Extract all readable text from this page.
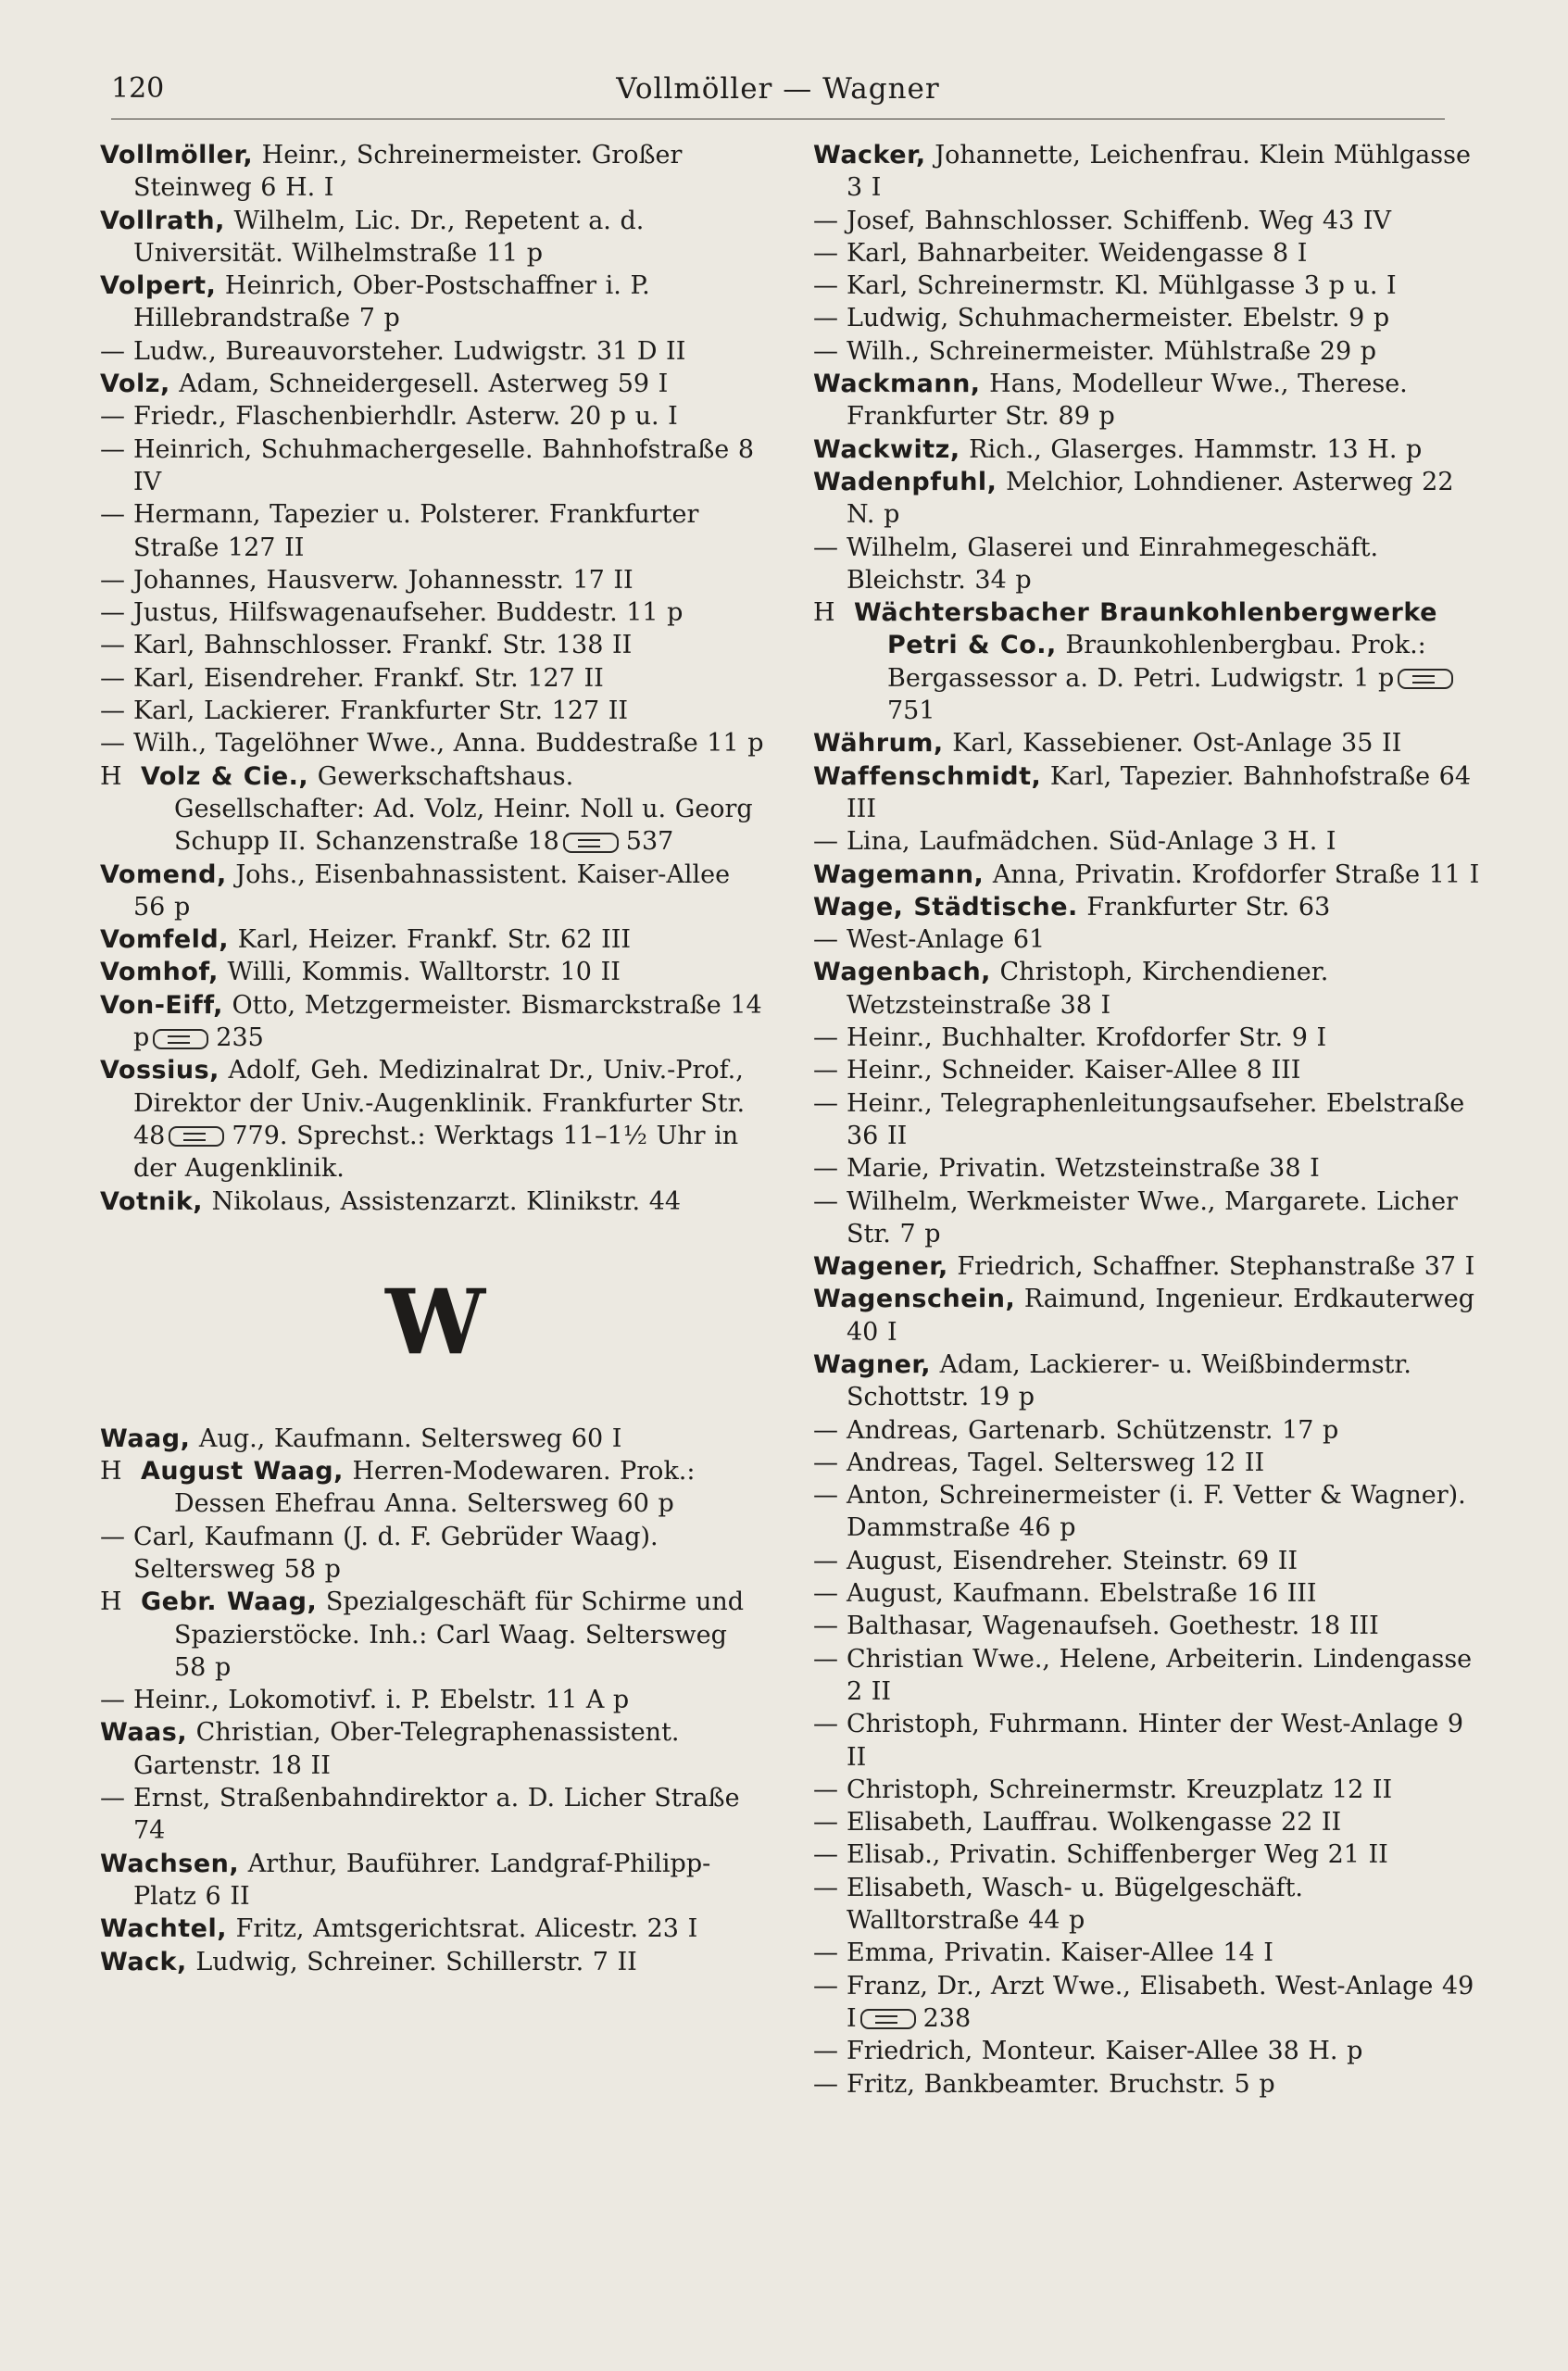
120	Vollmöller — Wagner

Vollmöller, Heinr., Schreinermeister. Großer Steinweg 6 H. I

Vollrath, Wilhelm, Lic. Dr., Repetent a. d. Universität. Wilhelmstraße 11 p

Volpert, Heinrich, Ober-Postschaffner i. P. Hillebrandstraße 7 p

— Ludw., Bureauvorsteher. Ludwigstr. 31 D II

Volz, Adam, Schneidergesell. Asterweg 59 I

— Friedr., Flaschenbierhdlr. Asterw. 20 p u. I

— Heinrich, Schuhmachergeselle. Bahnhofstraße 8 IV

— Hermann, Tapezier u. Polsterer. Frankfurter Straße 127 II

— Johannes, Hausverw. Johannesstr. 17 II

— Justus, Hilfswagenaufseher. Buddestr. 11 p

— Karl, Bahnschlosser. Frankf. Str. 138 II

— Karl, Eisendreher. Frankf. Str. 127 II

— Karl, Lackierer. Frankfurter Str. 127 II

— Wilh., Tagelöhner Wwe., Anna. Buddestraße 11 p

H Volz & Cie., Gewerkschaftshaus. Gesellschafter: Ad. Volz, Heinr. Noll u. Georg Schupp II. Schanzenstraße 18	537

Vomend, Johs., Eisenbahnassistent. Kaiser-Allee 56 p

Vomfeld, Karl, Heizer. Frankf. Str. 62 III

Vomhof, Willi, Kommis. Walltorstr. 10 II

Von-Eiff, Otto, Metzgermeister. Bismarckstraße 14 p	235

Vossius, Adolf, Geh. Medizinalrat Dr., Univ.-Prof., Direktor der Univ.-Augenklinik. Frankfurter Str. 48	779. Sprechst.: Werktags 11–1½ Uhr in der Augenklinik.

Votnik, Nikolaus, Assistenzarzt. Klinikstr. 44

W

Waag, Aug., Kaufmann. Seltersweg 60 I

H August Waag, Herren-Modewaren. Prok.: Dessen Ehefrau Anna. Seltersweg 60 p

— Carl, Kaufmann (J. d. F. Gebrüder Waag). Seltersweg 58 p

H Gebr. Waag, Spezialgeschäft für Schirme und Spazierstöcke. Inh.: Carl Waag. Seltersweg 58 p

— Heinr., Lokomotivf. i. P. Ebelstr. 11 A p

Waas, Christian, Ober-Telegraphenassistent. Gartenstr. 18 II

— Ernst, Straßenbahndirektor a. D. Licher Straße 74

Wachsen, Arthur, Bauführer. Landgraf-Philipp-Platz 6 II

Wachtel, Fritz, Amtsgerichtsrat. Alicestr. 23 I

Wack, Ludwig, Schreiner. Schillerstr. 7 II

Wacker, Johannette, Leichenfrau. Klein Mühlgasse 3 I

— Josef, Bahnschlosser. Schiffenb. Weg 43 IV

— Karl, Bahnarbeiter. Weidengasse 8 I

— Karl, Schreinermstr. Kl. Mühlgasse 3 p u. I

— Ludwig, Schuhmachermeister. Ebelstr. 9 p

— Wilh., Schreinermeister. Mühlstraße 29 p

Wackmann, Hans, Modelleur Wwe., Therese. Frankfurter Str. 89 p

Wackwitz, Rich., Glaserges. Hammstr. 13 H. p

Wadenpfuhl, Melchior, Lohndiener. Asterweg 22 N. p

— Wilhelm, Glaserei und Einrahmegeschäft. Bleichstr. 34 p

H Wächtersbacher Braunkohlenbergwerke Petri & Co., Braunkohlenbergbau. Prok.: Bergassessor a. D. Petri. Ludwigstr. 1 p751

Währum, Karl, Kassebiener. Ost-Anlage 35 II

Waffenschmidt, Karl, Tapezier. Bahnhofstraße 64 III

— Lina, Laufmädchen. Süd-Anlage 3 H. I

Wagemann, Anna, Privatin. Krofdorfer Straße 11 I

Wage, Städtische. Frankfurter Str. 63

— West-Anlage 61

Wagenbach, Christoph, Kirchendiener. Wetzsteinstraße 38 I

— Heinr., Buchhalter. Krofdorfer Str. 9 I

— Heinr., Schneider. Kaiser-Allee 8 III

— Heinr., Telegraphenleitungsaufseher. Ebelstraße 36 II

— Marie, Privatin. Wetzsteinstraße 38 I

— Wilhelm, Werkmeister Wwe., Margarete. Licher Str. 7 p

Wagener, Friedrich, Schaffner. Stephanstraße 37 I

Wagenschein, Raimund, Ingenieur. Erdkauterweg 40 I

Wagner, Adam, Lackierer- u. Weißbindermstr. Schottstr. 19 p

— Andreas, Gartenarb. Schützenstr. 17 p

— Andreas, Tagel. Seltersweg 12 II

— Anton, Schreinermeister (i. F. Vetter & Wagner). Dammstraße 46 p

— August, Eisendreher. Steinstr. 69 II

— August, Kaufmann. Ebelstraße 16 III

— Balthasar, Wagenaufseh. Goethestr. 18 III

— Christian Wwe., Helene, Arbeiterin. Lindengasse 2 II

— Christoph, Fuhrmann. Hinter der West-Anlage 9 II

— Christoph, Schreinermstr. Kreuzplatz 12 II

— Elisabeth, Lauffrau. Wolkengasse 22 II

— Elisab., Privatin. Schiffenberger Weg 21 II

— Elisabeth, Wasch- u. Bügelgeschäft. Walltorstraße 44 p

— Emma, Privatin. Kaiser-Allee 14 I

— Franz, Dr., Arzt Wwe., Elisabeth. West-Anlage 49 I	238

— Friedrich, Monteur. Kaiser-Allee 38 H. p

— Fritz, Bankbeamter. Bruchstr. 5 p
